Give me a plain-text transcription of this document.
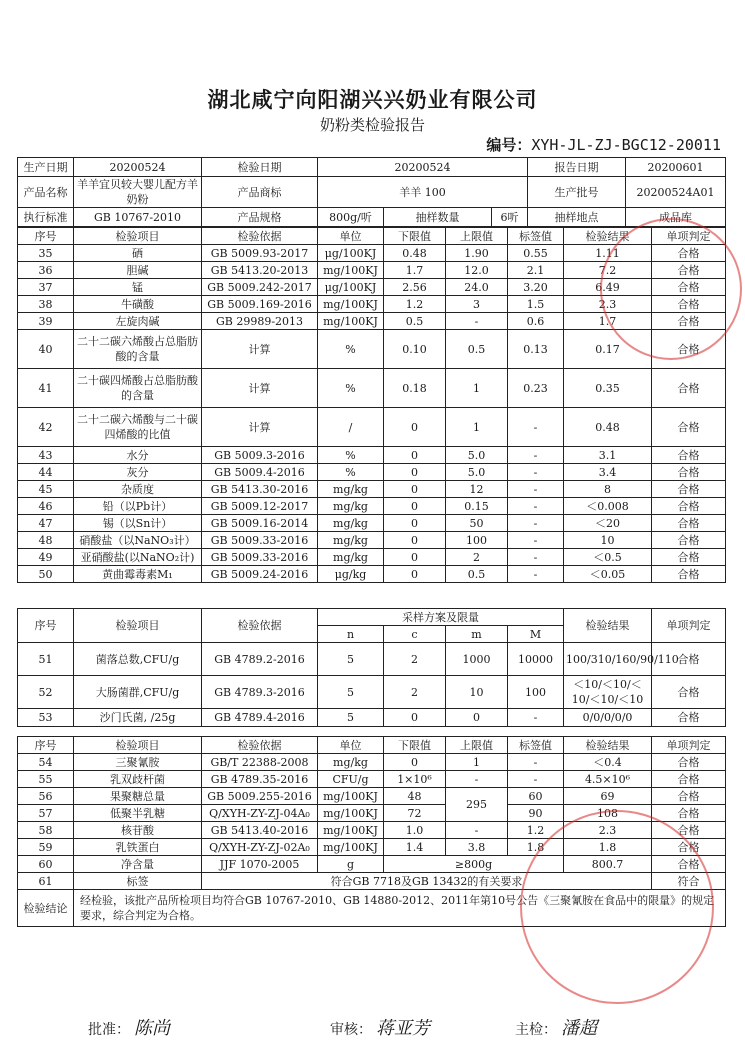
湖北咸宁向阳湖兴兴奶业有限公司
奶粉类检验报告
编号：XYH-JL-ZJ-BGC12-20011
生产日期	20200524	检验日期	20200524			报告日期	20200601
产品名称	羊羊宜贝较大婴儿配方羊奶粉	产品商标	羊羊 100			生产批号	20200524A01
执行标准	GB 10767-2010	产品规格	800g/听	抽样数量	6听	抽样地点	成品库
序号	检验项目	检验依据	单位	下限值	上限值	标签值	检验结果	单项判定
35	硒	GB 5009.93-2017	μg/100KJ	0.48	1.90	0.55	1.11	合格
36	胆碱	GB 5413.20-2013	mg/100KJ	1.7	12.0	2.1	7.2	合格
37	锰	GB 5009.242-2017	μg/100KJ	2.56	24.0	3.20	6.49	合格
38	牛磺酸	GB 5009.169-2016	mg/100KJ	1.2	3	1.5	2.3	合格
39	左旋肉碱	GB 29989-2013	mg/100KJ	0.5	-	0.6	1.7	合格
40	二十二碳六烯酸占总脂肪酸的含量	计算	%	0.10	0.5	0.13	0.17	合格
41	二十碳四烯酸占总脂肪酸的含量	计算	%	0.18	1	0.23	0.35	合格
42	二十二碳六烯酸与二十碳四烯酸的比值	计算	/	0	1	-	0.48	合格
43	水分	GB 5009.3-2016	%	0	5.0	-	3.1	合格
44	灰分	GB 5009.4-2016	%	0	5.0	-	3.4	合格
45	杂质度	GB 5413.30-2016	mg/kg	0	12	-	8	合格
46	铅（以Pb计）	GB 5009.12-2017	mg/kg	0	0.15	-	＜0.008	合格
47	锡（以Sn计）	GB 5009.16-2014	mg/kg	0	50	-	＜20	合格
48	硝酸盐（以NaNO₃计）	GB 5009.33-2016	mg/kg	0	100	-	10	合格
49	亚硝酸盐(以NaNO₂计)	GB 5009.33-2016	mg/kg	0	2	-	＜0.5	合格
50	黄曲霉毒素M₁	GB 5009.24-2016	μg/kg	0	0.5	-	＜0.05	合格
序号	检验项目	检验依据	采样方案及限量				检验结果	单项判定
			n	c	m	M		
51	菌落总数,CFU/g	GB 4789.2-2016	5	2	1000	10000	100/310/160/90/110	合格
52	大肠菌群,CFU/g	GB 4789.3-2016	5	2	10	100	＜10/＜10/＜10/＜10/＜10	合格
53	沙门氏菌, /25g	GB 4789.4-2016	5	0	0	-	0/0/0/0/0	合格
序号	检验项目	检验依据	单位	下限值	上限值	标签值	检验结果	单项判定
54	三聚氰胺	GB/T 22388-2008	mg/kg	0	1	-	＜0.4	合格
55	乳双歧杆菌	GB 4789.35-2016	CFU/g	1×10⁶	-	-	4.5×10⁶	合格
56	果聚糖总量	GB 5009.255-2016	mg/100KJ	48	295	60	69	合格
57	低聚半乳糖	Q/XYH-ZY-ZJ-04A₀	mg/100KJ	72		90	108	合格
58	核苷酸	GB 5413.40-2016	mg/100KJ	1.0	-	1.2	2.3	合格
59	乳铁蛋白	Q/XYH-ZY-ZJ-02A₀	mg/100KJ	1.4	3.8	1.8	1.8	合格
60	净含量	JJF 1070-2005	g	≥800g			800.7	合格
61	标签	符合GB 7718及GB 13432的有关要求						符合
检验结论	经检验，该批产品所检项目均符合GB 10767-2010、GB 14880-2012、2011年第10号公告《三聚氰胺在食品中的限量》的规定要求，综合判定为合格。							
批准： 陈尚	审核： 蒋亚芳	主检： 潘超
